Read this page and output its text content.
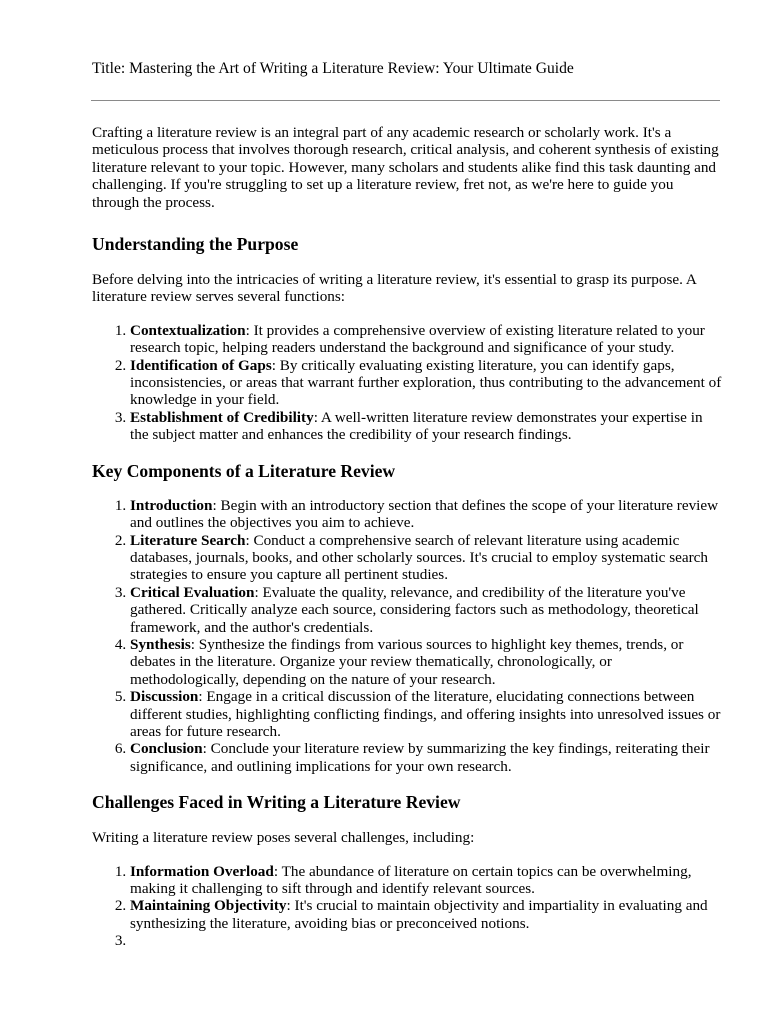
Title: Mastering the Art of Writing a Literature Review: Your Ultimate Guide

Crafting a literature review is an integral part of any academic research or scholarly work. It's a meticulous process that involves thorough research, critical analysis, and coherent synthesis of existing literature relevant to your topic. However, many scholars and students alike find this task daunting and challenging. If you're struggling to set up a literature review, fret not, as we're here to guide you through the process.

Understanding the Purpose

Before delving into the intricacies of writing a literature review, it's essential to grasp its purpose. A literature review serves several functions:

1. Contextualization: It provides a comprehensive overview of existing literature related to your research topic, helping readers understand the background and significance of your study.
2. Identification of Gaps: By critically evaluating existing literature, you can identify gaps, inconsistencies, or areas that warrant further exploration, thus contributing to the advancement of knowledge in your field.
3. Establishment of Credibility: A well-written literature review demonstrates your expertise in the subject matter and enhances the credibility of your research findings.
Key Components of a Literature Review
1. Introduction: Begin with an introductory section that defines the scope of your literature review and outlines the objectives you aim to achieve.
2. Literature Search: Conduct a comprehensive search of relevant literature using academic databases, journals, books, and other scholarly sources. It's crucial to employ systematic search strategies to ensure you capture all pertinent studies.
3. Critical Evaluation: Evaluate the quality, relevance, and credibility of the literature you've gathered. Critically analyze each source, considering factors such as methodology, theoretical framework, and the author's credentials.
4. Synthesis: Synthesize the findings from various sources to highlight key themes, trends, or debates in the literature. Organize your review thematically, chronologically, or methodologically, depending on the nature of your research.
5. Discussion: Engage in a critical discussion of the literature, elucidating connections between different studies, highlighting conflicting findings, and offering insights into unresolved issues or areas for future research.
6. Conclusion: Conclude your literature review by summarizing the key findings, reiterating their significance, and outlining implications for your own research.
Challenges Faced in Writing a Literature Review

Writing a literature review poses several challenges, including:

1. Information Overload: The abundance of literature on certain topics can be overwhelming, making it challenging to sift through and identify relevant sources.
2. Maintaining Objectivity: It's crucial to maintain objectivity and impartiality in evaluating and synthesizing the literature, avoiding bias or preconceived notions.
3.
